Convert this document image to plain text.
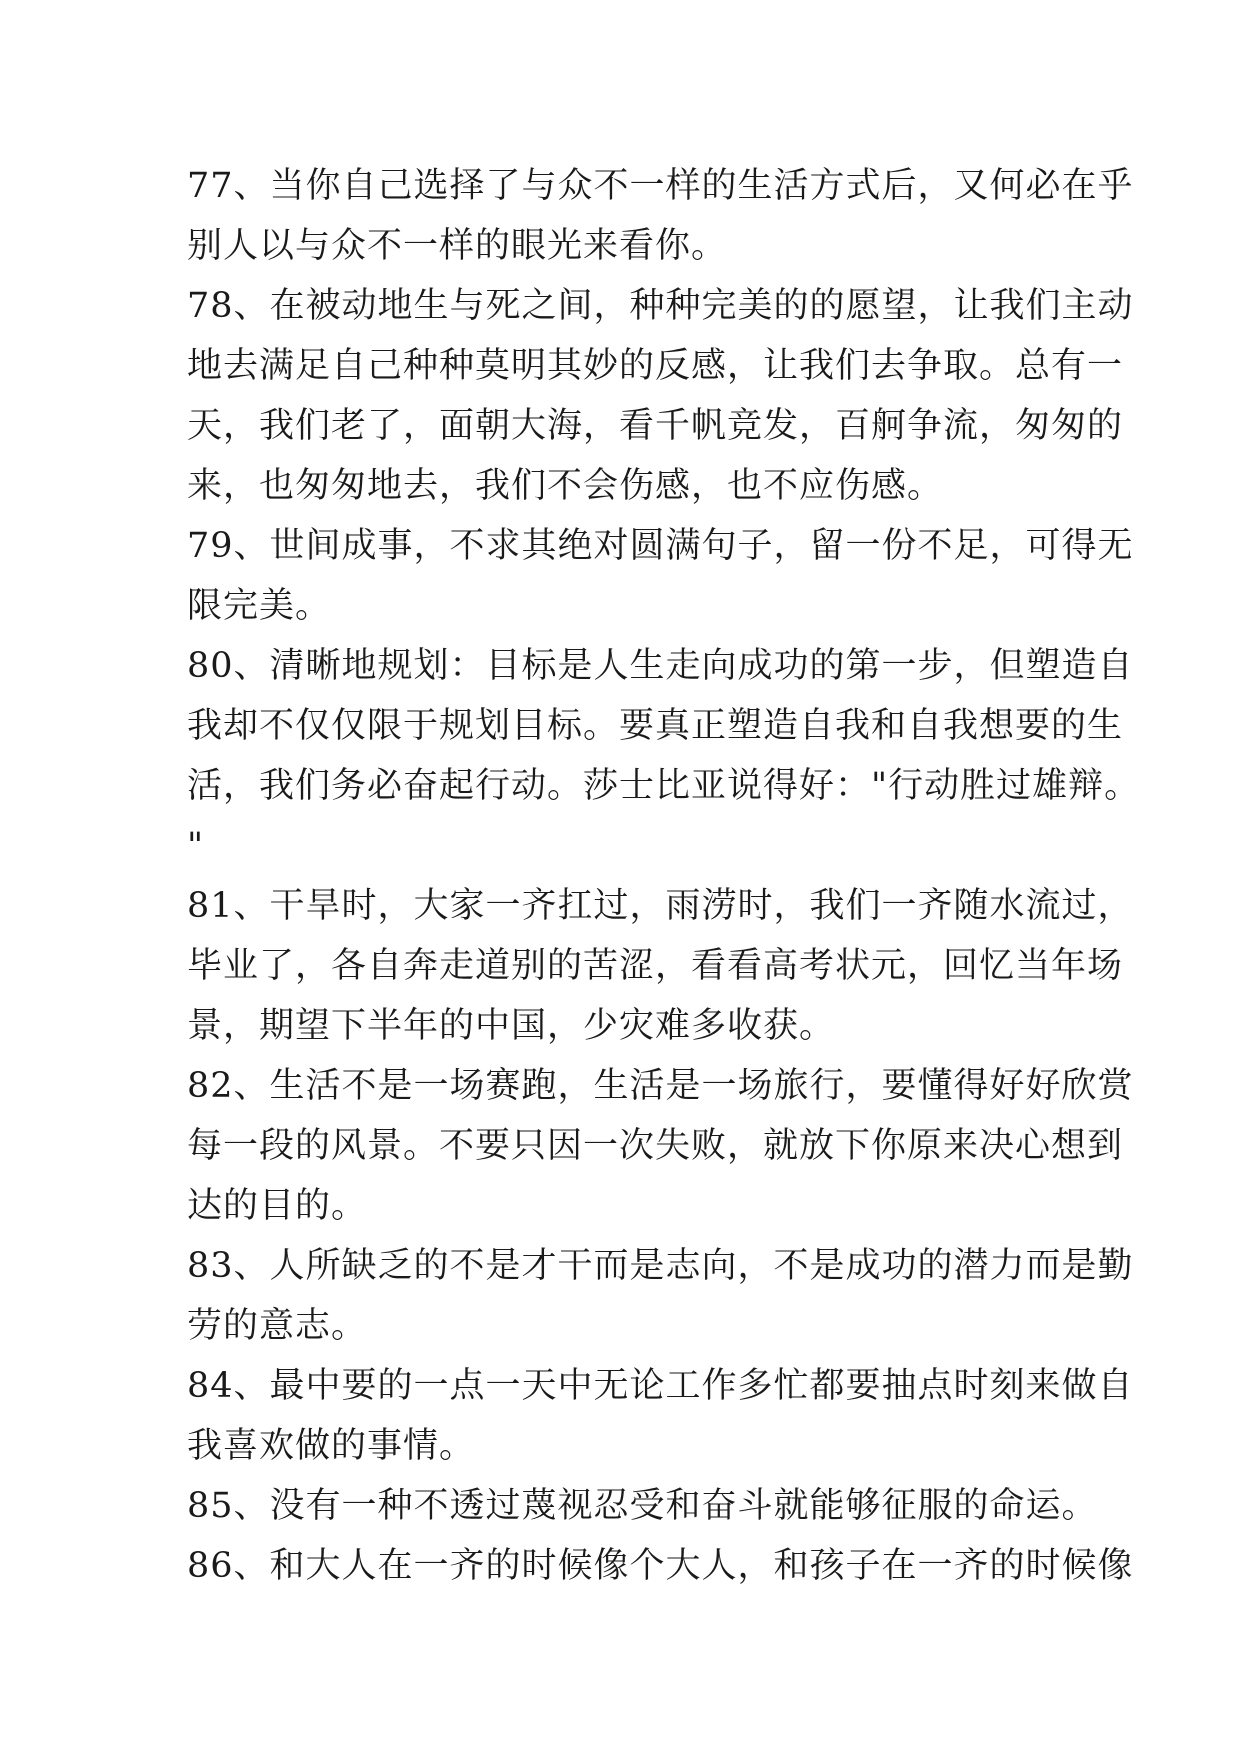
77、当你自己选择了与众不一样的生活方式后，又何必在乎
别人以与众不一样的眼光来看你。
78、在被动地生与死之间，种种完美的的愿望，让我们主动
地去满足自己种种莫明其妙的反感，让我们去争取。总有一
天，我们老了，面朝大海，看千帆竞发，百舸争流，匆匆的
来，也匆匆地去，我们不会伤感，也不应伤感。
79、世间成事，不求其绝对圆满句子，留一份不足，可得无
限完美。
80、清晰地规划：目标是人生走向成功的第一步，但塑造自
我却不仅仅限于规划目标。要真正塑造自我和自我想要的生
活，我们务必奋起行动。莎士比亚说得好："行动胜过雄辩。
"
81、干旱时，大家一齐扛过，雨涝时，我们一齐随水流过，
毕业了，各自奔走道别的苦涩，看看高考状元，回忆当年场
景，期望下半年的中国，少灾难多收获。
82、生活不是一场赛跑，生活是一场旅行，要懂得好好欣赏
每一段的风景。不要只因一次失败，就放下你原来决心想到
达的目的。
83、人所缺乏的不是才干而是志向，不是成功的潜力而是勤
劳的意志。
84、最中要的一点一天中无论工作多忙都要抽点时刻来做自
我喜欢做的事情。
85、没有一种不透过蔑视忍受和奋斗就能够征服的命运。
86、和大人在一齐的时候像个大人，和孩子在一齐的时候像
